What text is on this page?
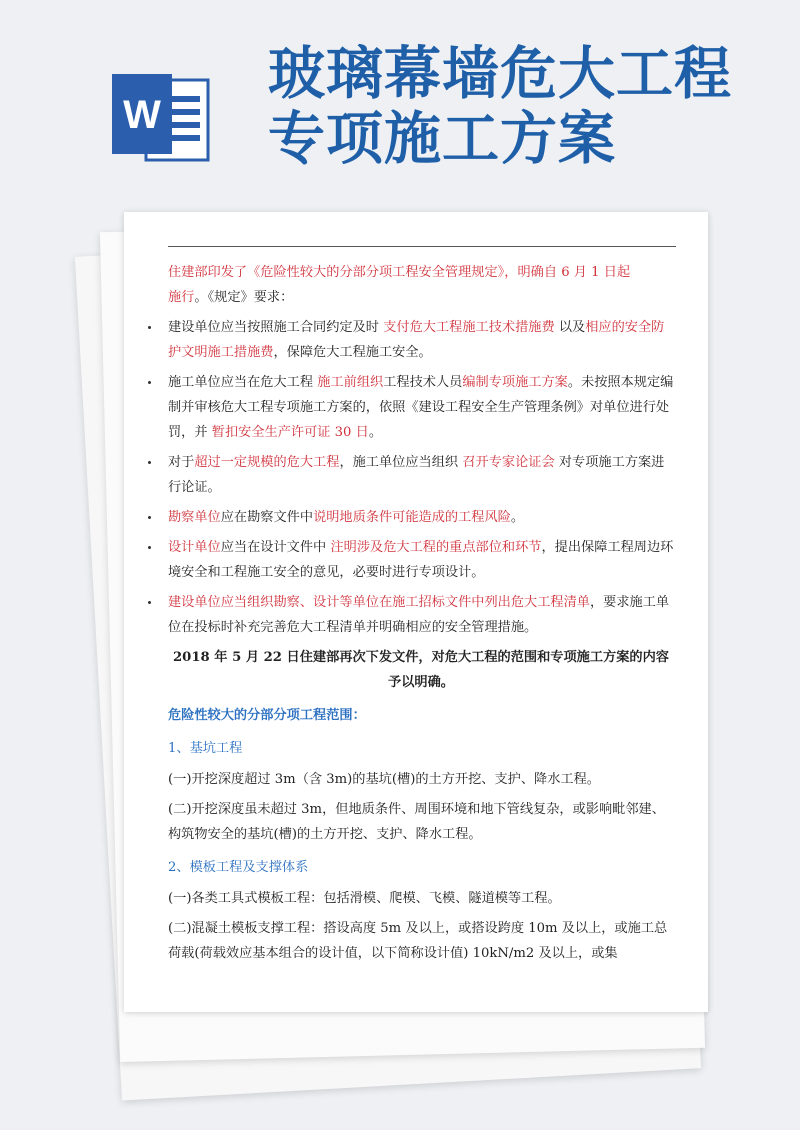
W
玻璃幕墙危大工程
专项施工方案

住建部印发了《危险性较大的分部分项工程安全管理规定》，明确自 6 月 1 日起
施行。《规定》要求：

建设单位应当按照施工合同约定及时 支付危大工程施工技术措施费 以及相应的安全防护文明施工措施费，保障危大工程施工安全。

施工单位应当在危大工程 施工前组织工程技术人员编制专项施工方案。未按照本规定编制并审核危大工程专项施工方案的，依照《建设工程安全生产管理条例》对单位进行处罚，并 暂扣安全生产许可证 30 日。

对于超过一定规模的危大工程，施工单位应当组织 召开专家论证会 对专项施工方案进行论证。

勘察单位应在勘察文件中说明地质条件可能造成的工程风险。

设计单位应当在设计文件中 注明涉及危大工程的重点部位和环节，提出保障工程周边环境安全和工程施工安全的意见，必要时进行专项设计。

建设单位应当组织勘察、设计等单位在施工招标文件中列出危大工程清单，要求施工单位在投标时补充完善危大工程清单并明确相应的安全管理措施。

2018 年 5 月 22 日住建部再次下发文件，对危大工程的范围和专项施工方案的内容予以明确。

危险性较大的分部分项工程范围：

1、基坑工程

(一)开挖深度超过 3m（含 3m)的基坑(槽)的土方开挖、支护、降水工程。

(二)开挖深度虽未超过 3m，但地质条件、周围环境和地下管线复杂，或影响毗邻建、构筑物安全的基坑(槽)的土方开挖、支护、降水工程。

2、模板工程及支撑体系

(一)各类工具式模板工程：包括滑模、爬模、飞模、隧道模等工程。

(二)混凝土模板支撑工程：搭设高度 5m 及以上，或搭设跨度 10m 及以上，或施工总荷载(荷载效应基本组合的设计值，以下简称设计值) 10kN/m2 及以上，或集
